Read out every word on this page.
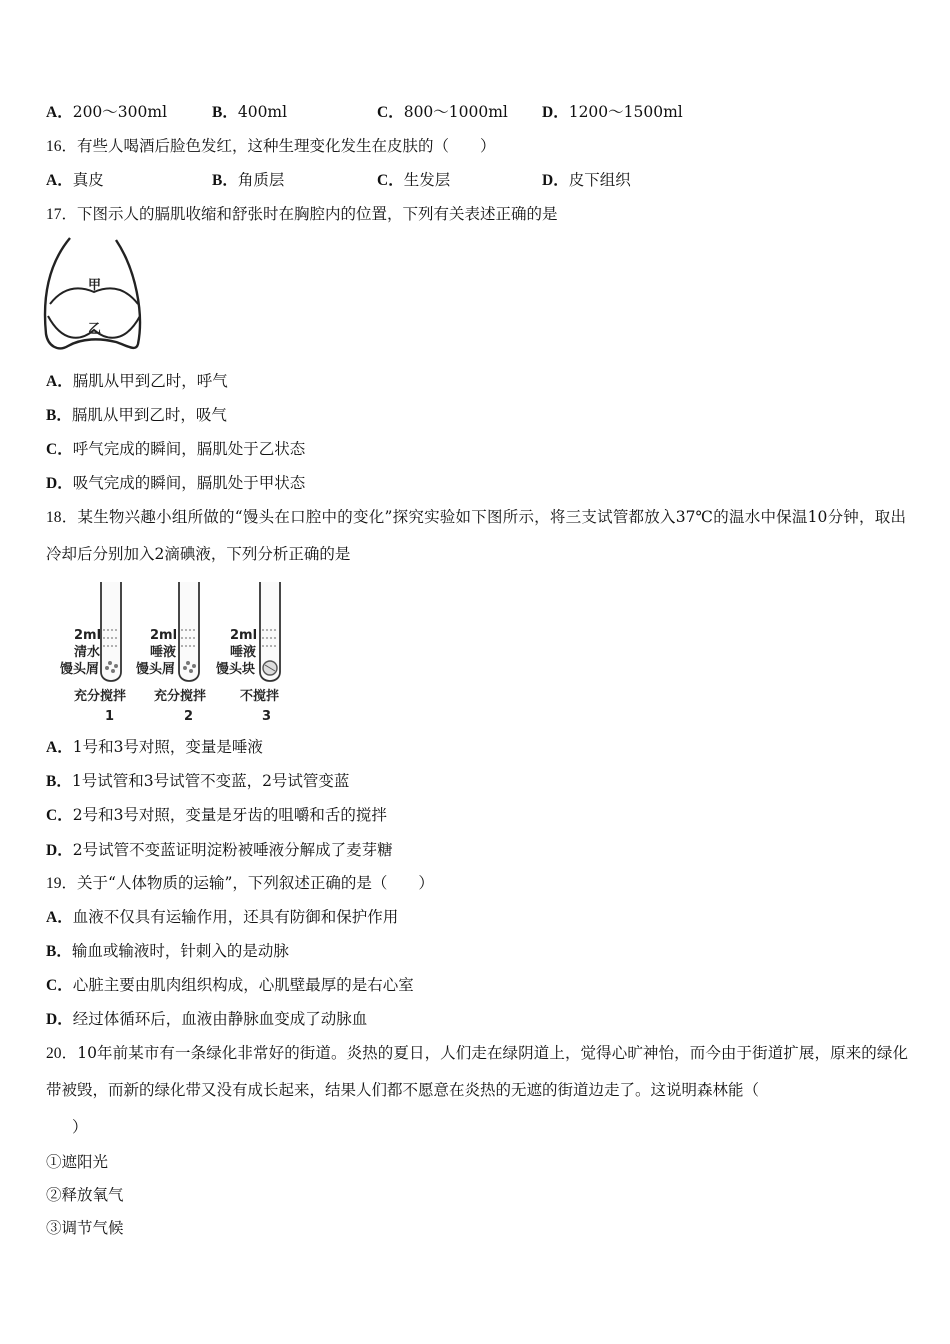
A．200～300ml	B．400ml	C．800～1000ml D．1200～1500ml
16．有些人喝酒后脸色发红，这种生理变化发生在皮肤的（　　）
A．真皮	B．角质层	C．生发层	D．皮下组织
17．下图示人的膈肌收缩和舒张时在胸腔内的位置，下列有关表述正确的是
甲
乙
A．膈肌从甲到乙时，呼气
B．膈肌从甲到乙时，吸气
C．呼气完成的瞬间，膈肌处于乙状态
D．吸气完成的瞬间，膈肌处于甲状态
18．某生物兴趣小组所做的“馒头在口腔中的变化”探究实验如下图所示，将三支试管都放入37℃的温水中保温10分钟，取出冷却后分别加入2滴碘液，下列分析正确的是
2ml
清水
馒头屑
充分搅拌
1
2ml
唾液
馒头屑
充分搅拌
2
2ml
唾液
馒头块
不搅拌
3
A．1号和3号对照，变量是唾液
B．1号试管和3号试管不变蓝，2号试管变蓝
C．2号和3号对照，变量是牙齿的咀嚼和舌的搅拌
D．2号试管不变蓝证明淀粉被唾液分解成了麦芽糖
19．关于“人体物质的运输”，下列叙述正确的是（　　）
A．血液不仅具有运输作用，还具有防御和保护作用
B．输血或输液时，针刺入的是动脉
C．心脏主要由肌肉组织构成，心肌壁最厚的是右心室
D．经过体循环后，血液由静脉血变成了动脉血
20．10年前某市有一条绿化非常好的街道。炎热的夏日，人们走在绿阴道上，觉得心旷神怡，而今由于街道扩展，原来的绿化带被毁，而新的绿化带又没有成长起来，结果人们都不愿意在炎热的无遮的街道边走了。这说明森林能（
）
①遮阳光
②释放氧气
③调节气候
